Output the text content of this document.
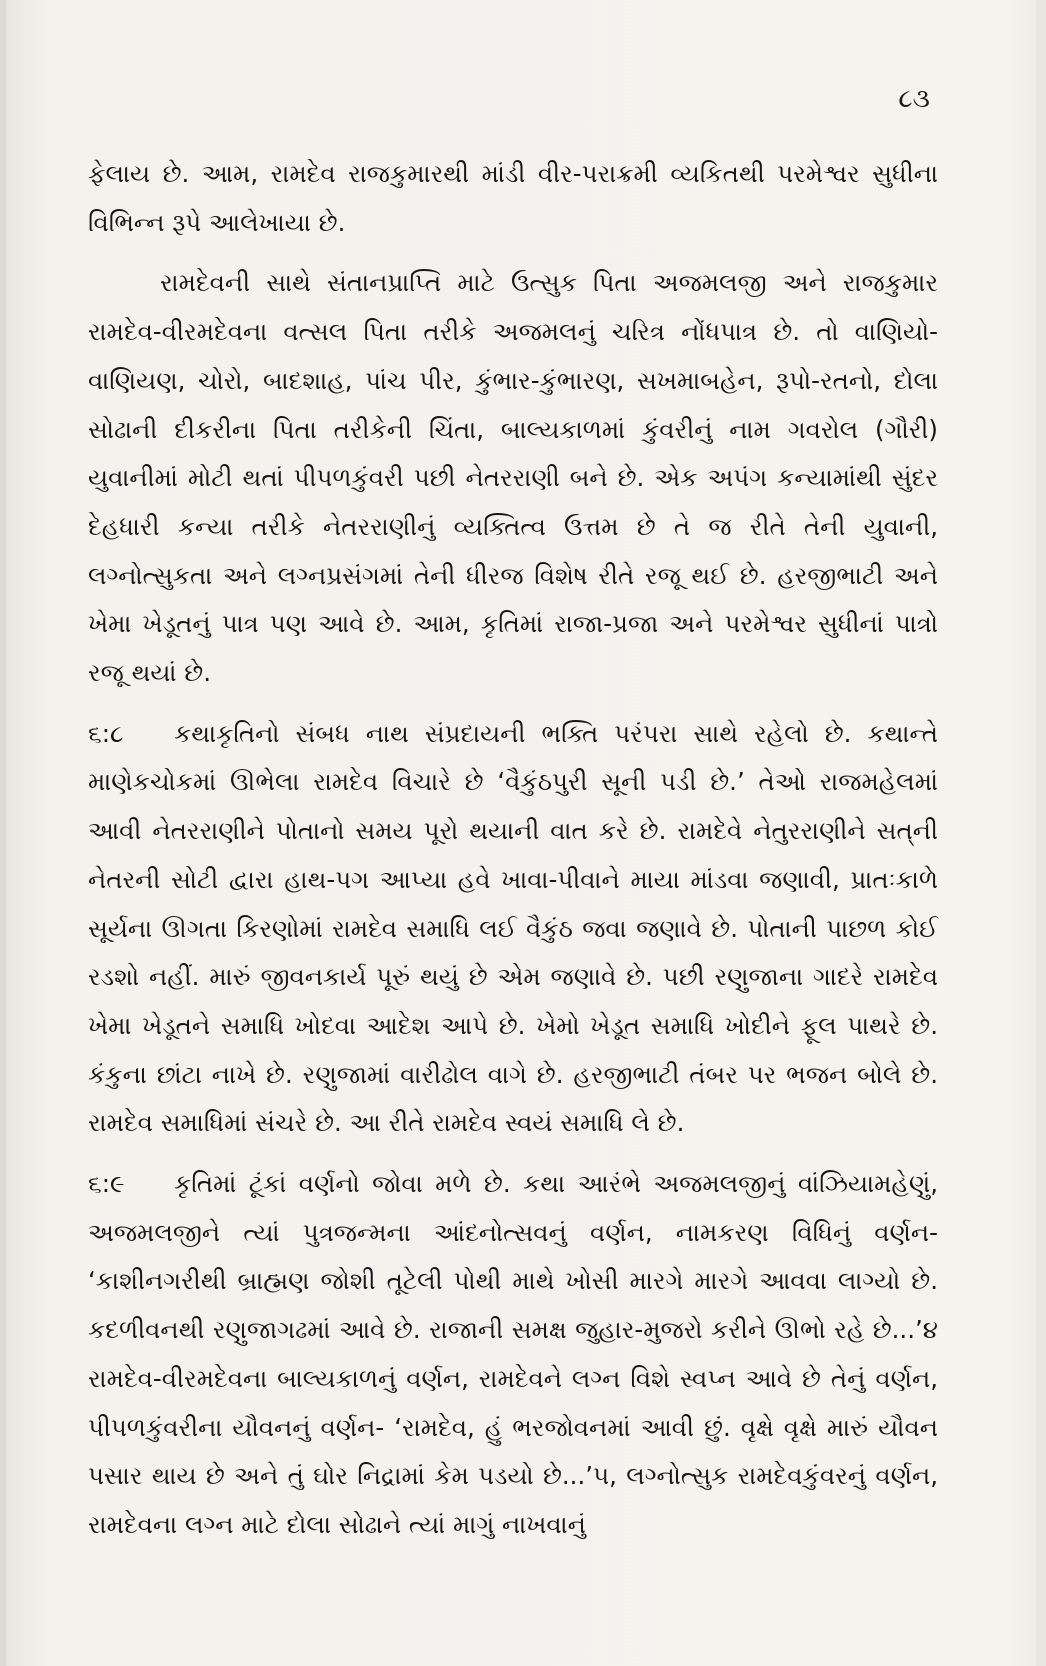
૮૩

ફેલાય છે. આમ, રામદેવ રાજકુમારથી માંડી વીર-પરાક્રમી વ્યકિતથી પરમેશ્વર સુધીના વિભિન્ન રૂપે આલેખાયા છે.

રામદેવની સાથે સંતાનપ્રાપ્તિ માટે ઉત્સુક પિતા અજમલજી અને રાજકુમાર રામદેવ-વીરમદેવના વત્સલ પિતા તરીકે અજમલનું ચરિત્ર નોંધપાત્ર છે. તો વાણિયો-વાણિયણ, ચોરો, બાદશાહ, પાંચ પીર, કુંભાર-કુંભારણ, સખમાબહેન, રૂપો-રતનો, દોલા સોઢાની દીકરીના પિતા તરીકેની ચિંતા, બાલ્યકાળમાં કુંવરીનું નામ ગવરોલ (ગૌરી) યુવાનીમાં મોટી થતાં પીપળકુંવરી પછી નેતરરાણી બને છે. એક અપંગ કન્યામાંથી સુંદર દેહધારી કન્યા તરીકે નેતરરાણીનું વ્યક્તિત્વ ઉત્તમ છે તે જ રીતે તેની યુવાની, લગ્નોત્સુકતા અને લગ્નપ્રસંગમાં તેની ધીરજ વિશેષ રીતે રજૂ થઈ છે. હરજીભાટી અને ખેમા ખેડૂતનું પાત્ર પણ આવે છે. આમ, કૃતિમાં રાજા-પ્રજા અને પરમેશ્વર સુધીનાં પાત્રો રજૂ થયાં છે.

૬:૮ કથાકૃતિનો સંબધ નાથ સંપ્રદાયની ભક્તિ પરંપરા સાથે રહેલો છે. કથાન્તે માણેકચોકમાં ઊભેલા રામદેવ વિચારે છે ‘વૈકુંઠપુરી સૂની પડી છે.’ તેઓ રાજમહેલમાં આવી નેતરરાણીને પોતાનો સમય પૂરો થયાની વાત કરે છે. રામદેવે નેતુરરાણીને સત્‌ની નેતરની સોટી દ્વારા હાથ-પગ આપ્યા હવે ખાવા-પીવાને માયા માંડવા જણાવી, પ્રાતઃકાળે સૂર્યના ઊગતા કિરણોમાં રામદેવ સમાધિ લઈ વૈકુંઠ જવા જણાવે છે. પોતાની પાછળ કોઈ રડશો નહીં. મારું જીવનકાર્ય પૂરું થયું છે એમ જણાવે છે. પછી રણુજાના ગાદરે રામદેવ ખેમા ખેડૂતને સમાધિ ખોદવા આદેશ આપે છે. ખેમો ખેડૂત સમાધિ ખોદીને ફૂલ પાથરે છે. કંકુના છાંટા નાખે છે. રણુજામાં વારીઢોલ વાગે છે. હરજીભાટી તંબર પર ભજન બોલે છે. રામદેવ સમાધિમાં સંચરે છે. આ રીતે રામદેવ સ્વયં સમાધિ લે છે.

૬:૯ કૃતિમાં ટૂંકાં વર્ણનો જોવા મળે છે. કથા આરંભે અજમલજીનું વાંઝિયામહેણું, અજમલજીને ત્યાં પુત્રજન્મના આંદનોત્સવનું વર્ણન, નામકરણ વિધિનું વર્ણન- ‘કાશીનગરીથી બ્રાહ્મણ જોશી તૂટેલી પોથી માથે ખોસી મારગે મારગે આવવા લાગ્યો છે. કદળીવનથી રણુજાગઢમાં આવે છે. રાજાની સમક્ષ જુહાર-મુજરો કરીને ઊભો રહે છે...’૪ રામદેવ-વીરમદેવના બાલ્યકાળનું વર્ણન, રામદેવને લગ્ન વિશે સ્વપ્ન આવે છે તેનું વર્ણન, પીપળકુંવરીના યૌવનનું વર્ણન- ‘રામદેવ, હું ભરજોવનમાં આવી છું. વૃક્ષે વૃક્ષે મારું યૌવન પસાર થાય છે અને તું ઘોર નિદ્રામાં કેમ પડયો છે...’૫, લગ્નોત્સુક રામદેવકુંવરનું વર્ણન, રામદેવના લગ્ન માટે દોલા સોઢાને ત્યાં માગું નાખવાનું
